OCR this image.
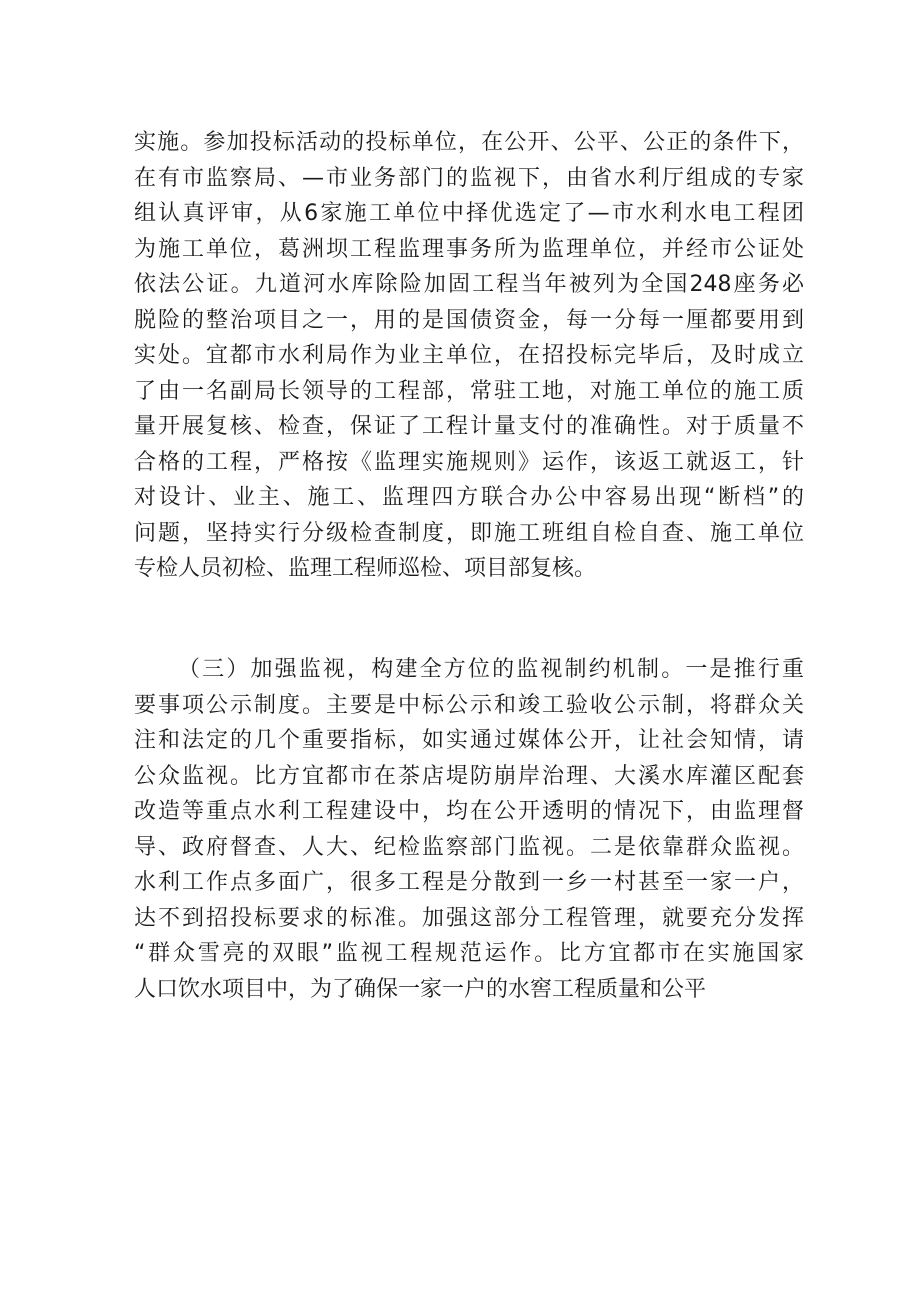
实施。参加投标活动的投标单位，在公开、公平、公正的条件下，
在有市监察局、—市业务部门的监视下，由省水利厅组成的专家
组认真评审，从6家施工单位中择优选定了—市水利水电工程团
为施工单位，葛洲坝工程监理事务所为监理单位，并经市公证处
依法公证。九道河水库除险加固工程当年被列为全国248座务必
脱险的整治项目之一，用的是国债资金，每一分每一厘都要用到
实处。宜都市水利局作为业主单位，在招投标完毕后，及时成立
了由一名副局长领导的工程部，常驻工地，对施工单位的施工质
量开展复核、检查，保证了工程计量支付的准确性。对于质量不
合格的工程，严格按《监理实施规则》运作，该返工就返工，针
对设计、业主、施工、监理四方联合办公中容易出现“断档”的
问题，坚持实行分级检查制度，即施工班组自检自查、施工单位
专检人员初检、监理工程师巡检、项目部复核。
（三）加强监视，构建全方位的监视制约机制。一是推行重
要事项公示制度。主要是中标公示和竣工验收公示制，将群众关
注和法定的几个重要指标，如实通过媒体公开，让社会知情，请
公众监视。比方宜都市在茶店堤防崩岸治理、大溪水库灌区配套
改造等重点水利工程建设中，均在公开透明的情况下，由监理督
导、政府督查、人大、纪检监察部门监视。二是依靠群众监视。
水利工作点多面广，很多工程是分散到一乡一村甚至一家一户，
达不到招投标要求的标准。加强这部分工程管理，就要充分发挥
“群众雪亮的双眼”监视工程规范运作。比方宜都市在实施国家
人口饮水项目中，为了确保一家一户的水窖工程质量和公平
